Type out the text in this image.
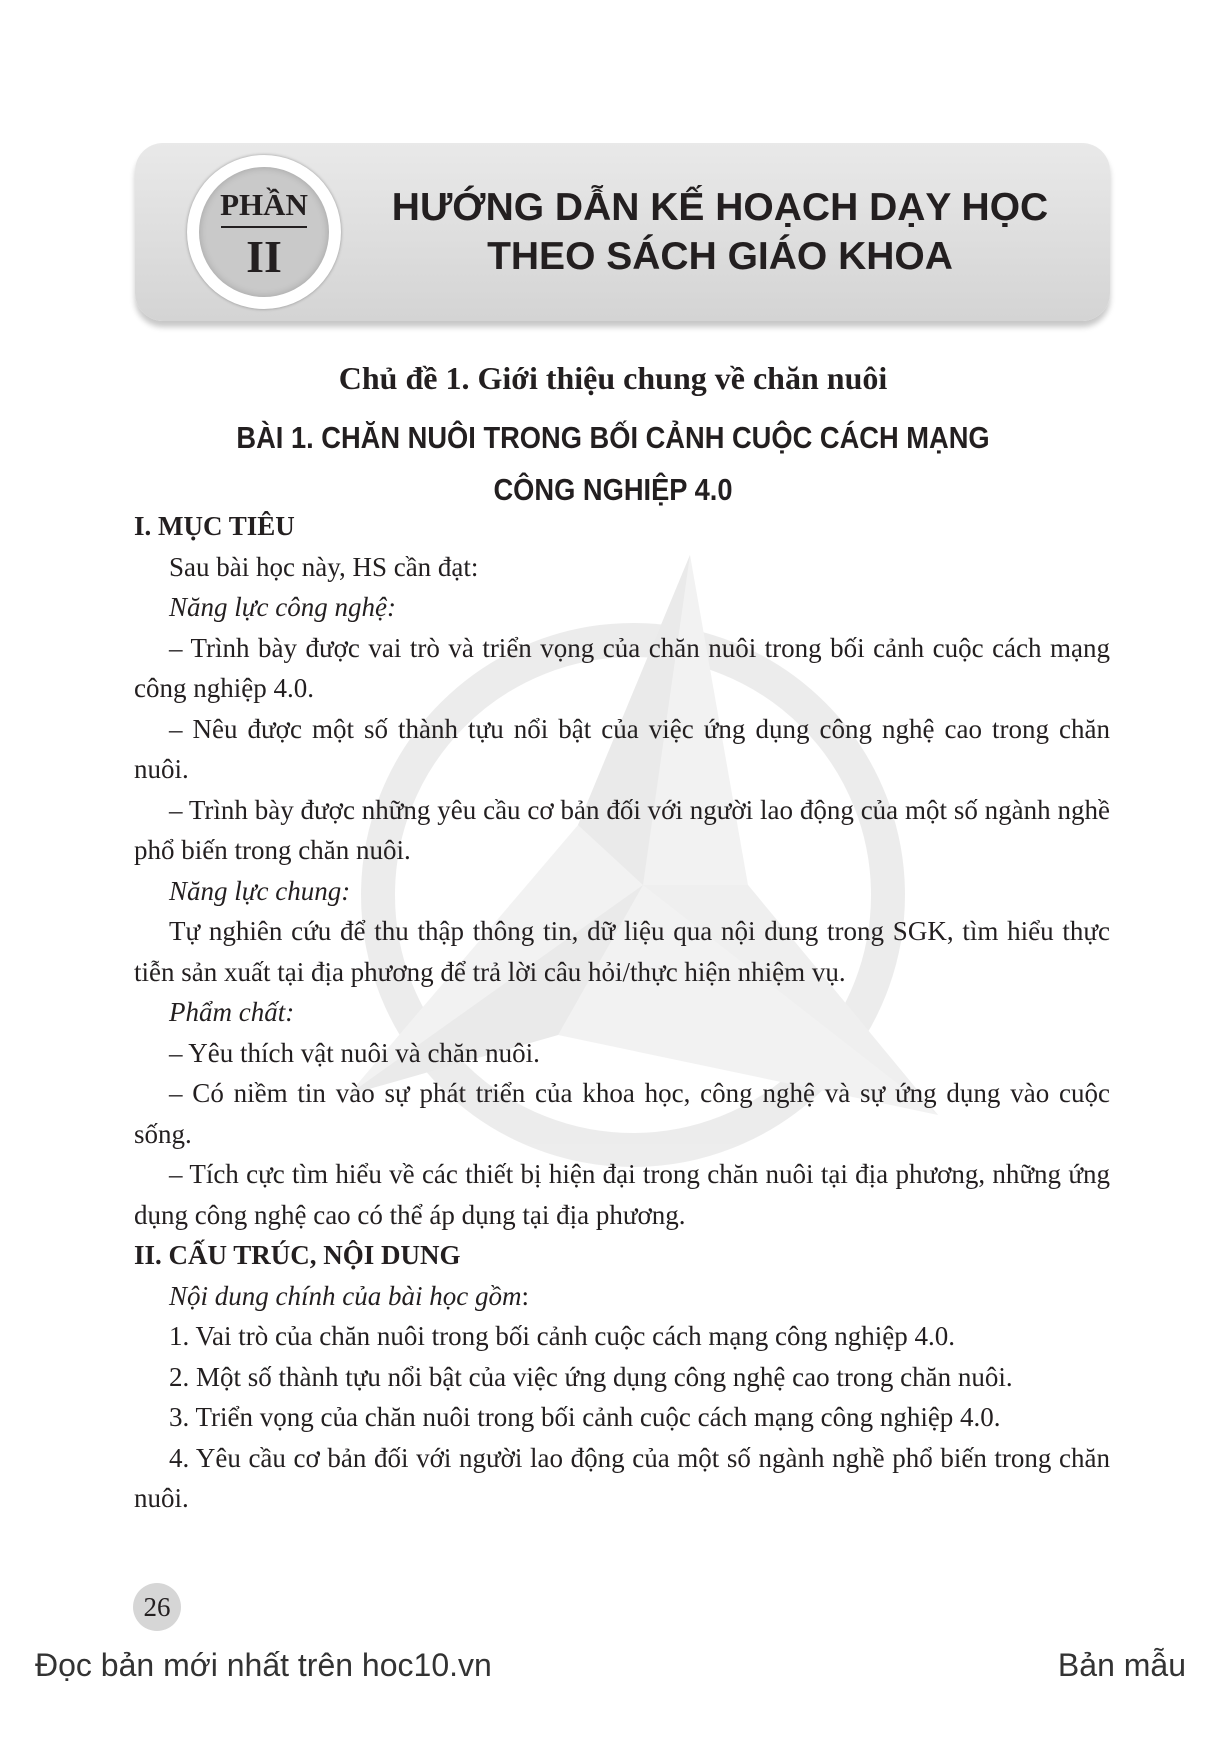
PHẦN
II
HƯỚNG DẪN KẾ HOẠCH DẠY HỌC
THEO SÁCH GIÁO KHOA
Chủ đề 1. Giới thiệu chung về chăn nuôi
BÀI 1. CHĂN NUÔI TRONG BỐI CẢNH CUỘC CÁCH MẠNG
CÔNG NGHIỆP 4.0

I. MỤC TIÊU

Sau bài học này, HS cần đạt:

Năng lực công nghệ:

– Trình bày được vai trò và triển vọng của chăn nuôi trong bối cảnh cuộc cách mạng công nghiệp 4.0.

– Nêu được một số thành tựu nổi bật của việc ứng dụng công nghệ cao trong chăn nuôi.

– Trình bày được những yêu cầu cơ bản đối với người lao động của một số ngành nghề phổ biến trong chăn nuôi.

Năng lực chung:

Tự nghiên cứu để thu thập thông tin, dữ liệu qua nội dung trong SGK, tìm hiểu thực tiễn sản xuất tại địa phương để trả lời câu hỏi/thực hiện nhiệm vụ.

Phẩm chất:

– Yêu thích vật nuôi và chăn nuôi.

– Có niềm tin vào sự phát triển của khoa học, công nghệ và sự ứng dụng vào cuộc sống.

– Tích cực tìm hiểu về các thiết bị hiện đại trong chăn nuôi tại địa phương, những ứng dụng công nghệ cao có thể áp dụng tại địa phương.

II. CẤU TRÚC, NỘI DUNG

Nội dung chính của bài học gồm:

1. Vai trò của chăn nuôi trong bối cảnh cuộc cách mạng công nghiệp 4.0.

2. Một số thành tựu nổi bật của việc ứng dụng công nghệ cao trong chăn nuôi.

3. Triển vọng của chăn nuôi trong bối cảnh cuộc cách mạng công nghiệp 4.0.

4. Yêu cầu cơ bản đối với người lao động của một số ngành nghề phổ biến trong chăn nuôi.

26
Đọc bản mới nhất trên hoc10.vn	Bản mẫu
